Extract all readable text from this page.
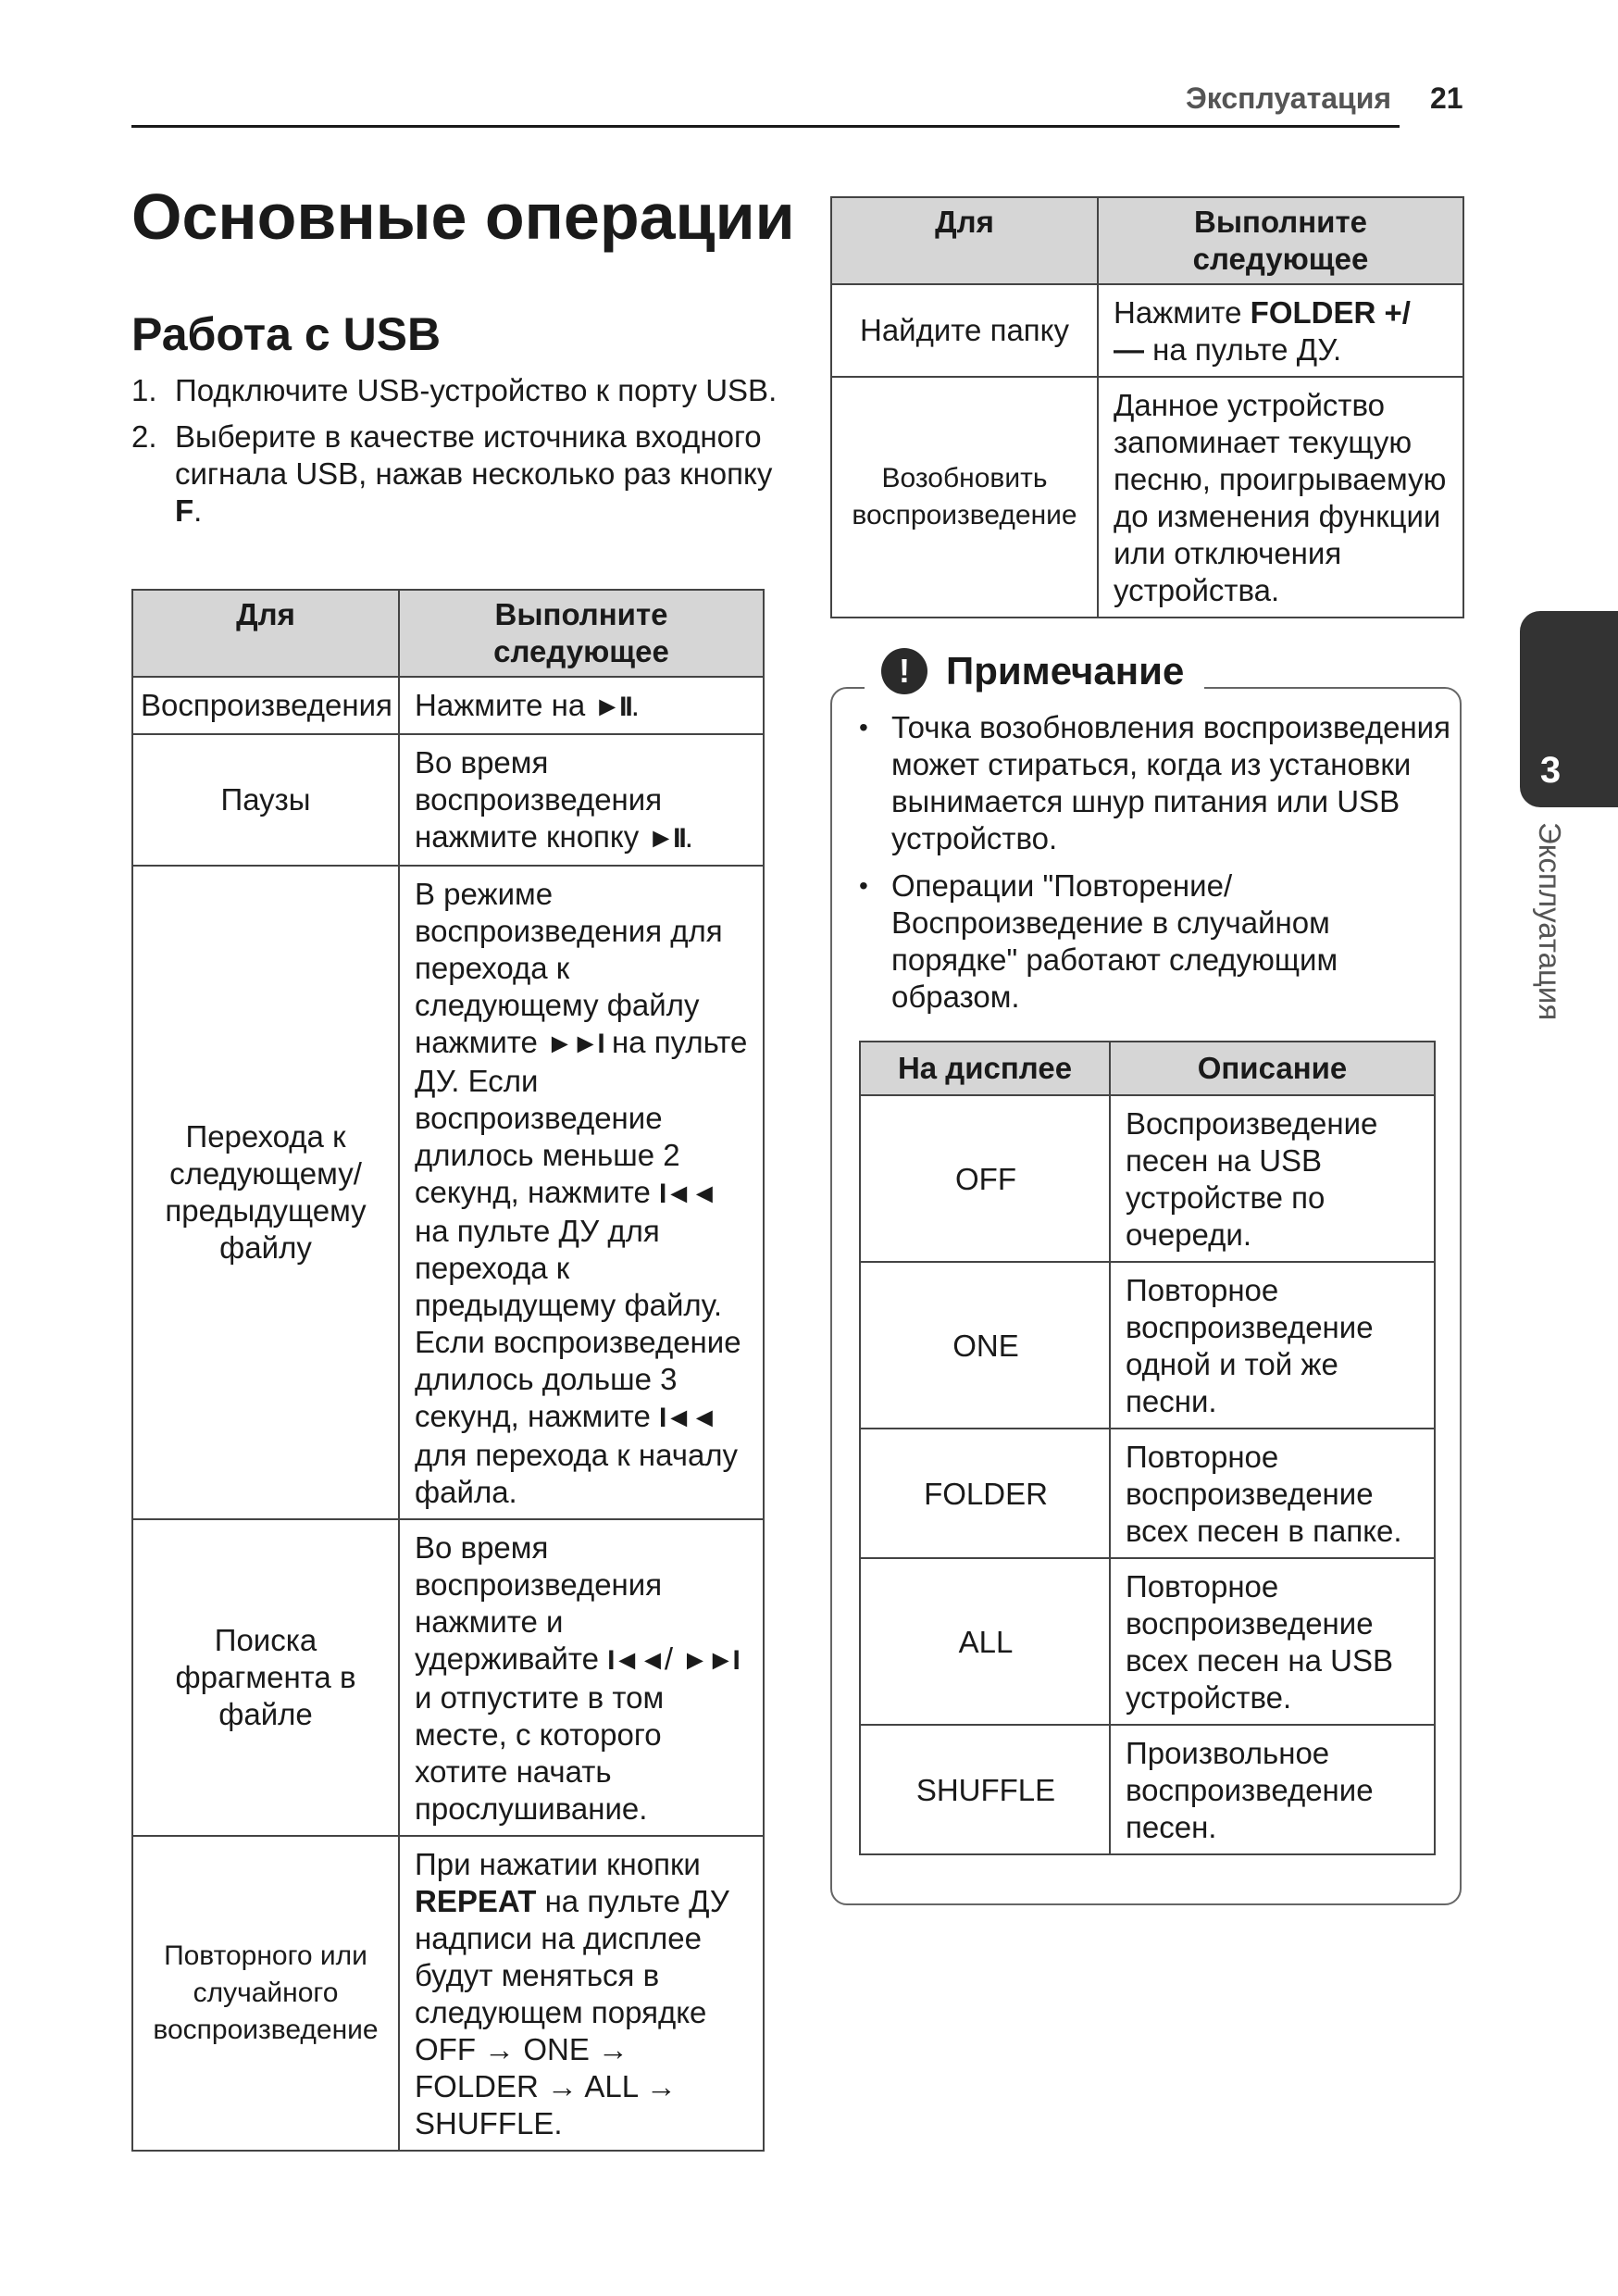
Эксплуатация 21
Основные операции
Работа с USB
1. Подключите USB-устройство к порту USB.
2. Выберите в качестве источника входного сигнала USB, нажав несколько раз кнопку F.
Для	Выполните следующее
Воспроизведения	Нажмите на ►II.
Паузы	Во время воспроизведения нажмите кнопку ►II.
Перехода к следующему/ предыдущему файлу	В режиме воспроизведения для перехода к следующему файлу нажмите ►►I на пульте ДУ. Если воспроизведение длилось меньше 2 секунд, нажмите I◄◄ на пульте ДУ для перехода к предыдущему файлу. Если воспроизведение длилось дольше 3 секунд, нажмите I◄◄ для перехода к началу файла.
Поиска фрагмента в файле	Во время воспроизведения нажмите и удерживайте I◄◄/ ►►I и отпустите в том месте, с которого хотите начать прослушивание.
Повторного или случайного воспроизведение	При нажатии кнопки REPEAT на пульте ДУ надписи на дисплее будут меняться в следующем порядке OFF → ONE → FOLDER → ALL → SHUFFLE.
Для	Выполните следующее
Найдите папку	Нажмите FOLDER +/ — на пульте ДУ.
Возобновить воспроизведение	Данное устройство запоминает текущую песню, проигрываемую до изменения функции или отключения устройства.
! Примечание
• Точка возобновления воспроизведения может стираться, когда из установки вынимается шнур питания или USB устройство.
• Операции "Повторение/ Воспроизведение в случайном порядке" работают следующим образом.
На дисплее	Описание
OFF	Воспроизведение песен на USB устройстве по очереди.
ONE	Повторное воспроизведение одной и той же песни.
FOLDER	Повторное воспроизведение всех песен в папке.
ALL	Повторное воспроизведение всех песен на USB устройстве.
SHUFFLE	Произвольное воспроизведение песен.
3
Эксплуатация
